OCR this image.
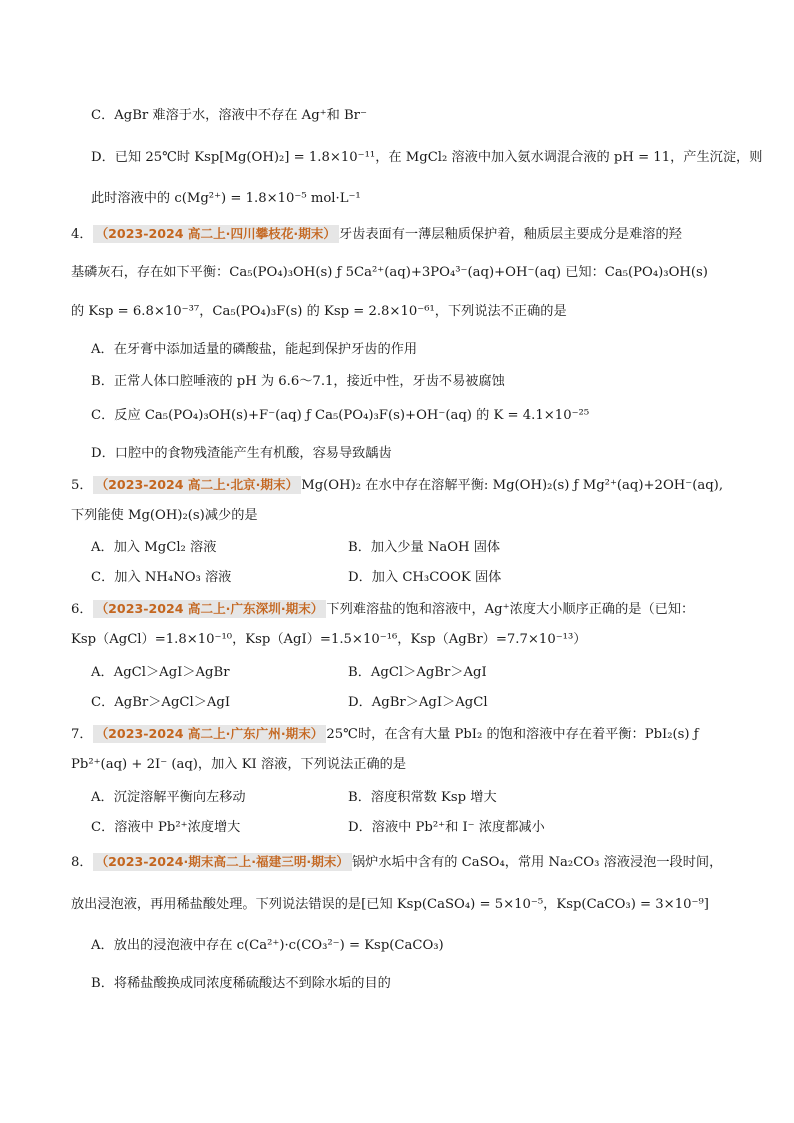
C．AgBr 难溶于水，溶液中不存在 Ag⁺和 Br⁻
D．已知 25℃时 Ksp[Mg(OH)₂] = 1.8×10⁻¹¹，在 MgCl₂ 溶液中加入氨水调混合液的 pH = 11，产生沉淀，则
此时溶液中的 c(Mg²⁺) = 1.8×10⁻⁵ mol·L⁻¹
4． （2023-2024 高二上·四川攀枝花·期末） 牙齿表面有一薄层釉质保护着，釉质层主要成分是难溶的羟
基磷灰石，存在如下平衡：Ca₅(PO₄)₃OH(s) ƒ 5Ca²⁺(aq)+3PO₄³⁻(aq)+OH⁻(aq) 已知：Ca₅(PO₄)₃OH(s)
的 Ksp = 6.8×10⁻³⁷，Ca₅(PO₄)₃F(s) 的 Ksp = 2.8×10⁻⁶¹，下列说法不正确的是
A．在牙膏中添加适量的磷酸盐，能起到保护牙齿的作用
B．正常人体口腔唾液的 pH 为 6.6～7.1，接近中性，牙齿不易被腐蚀
C．反应 Ca₅(PO₄)₃OH(s)+F⁻(aq) ƒ Ca₅(PO₄)₃F(s)+OH⁻(aq) 的 K = 4.1×10⁻²⁵
D．口腔中的食物残渣能产生有机酸，容易导致龋齿
5． （2023-2024 高二上·北京·期末） Mg(OH)₂ 在水中存在溶解平衡: Mg(OH)₂(s) ƒ Mg²⁺(aq)+2OH⁻(aq),
下列能使 Mg(OH)₂(s)减少的是
A．加入 MgCl₂ 溶液	B．加入少量 NaOH 固体
C．加入 NH₄NO₃ 溶液	D．加入 CH₃COOK 固体
6． （2023-2024 高二上·广东深圳·期末） 下列难溶盐的饱和溶液中，Ag⁺浓度大小顺序正确的是（已知：
Ksp（AgCl）=1.8×10⁻¹⁰，Ksp（AgI）=1.5×10⁻¹⁶，Ksp（AgBr）=7.7×10⁻¹³）
A．AgCl＞AgI＞AgBr	B．AgCl＞AgBr＞AgI
C．AgBr＞AgCl＞AgI	D．AgBr＞AgI＞AgCl
7． （2023-2024 高二上·广东广州·期末） 25℃时，在含有大量 PbI₂ 的饱和溶液中存在着平衡：PbI₂(s) ƒ
Pb²⁺(aq) + 2I⁻ (aq)，加入 KI 溶液，下列说法正确的是
A．沉淀溶解平衡向左移动	B．溶度积常数 Ksp 增大
C．溶液中 Pb²⁺浓度增大	D．溶液中 Pb²⁺和 I⁻ 浓度都减小
8． （2023-2024·期末高二上·福建三明·期末） 锅炉水垢中含有的 CaSO₄，常用 Na₂CO₃ 溶液浸泡一段时间，
放出浸泡液，再用稀盐酸处理。下列说法错误的是[已知 Ksp(CaSO₄) = 5×10⁻⁵，Ksp(CaCO₃) = 3×10⁻⁹]
A．放出的浸泡液中存在 c(Ca²⁺)·c(CO₃²⁻) = Ksp(CaCO₃)
B．将稀盐酸换成同浓度稀硫酸达不到除水垢的目的
